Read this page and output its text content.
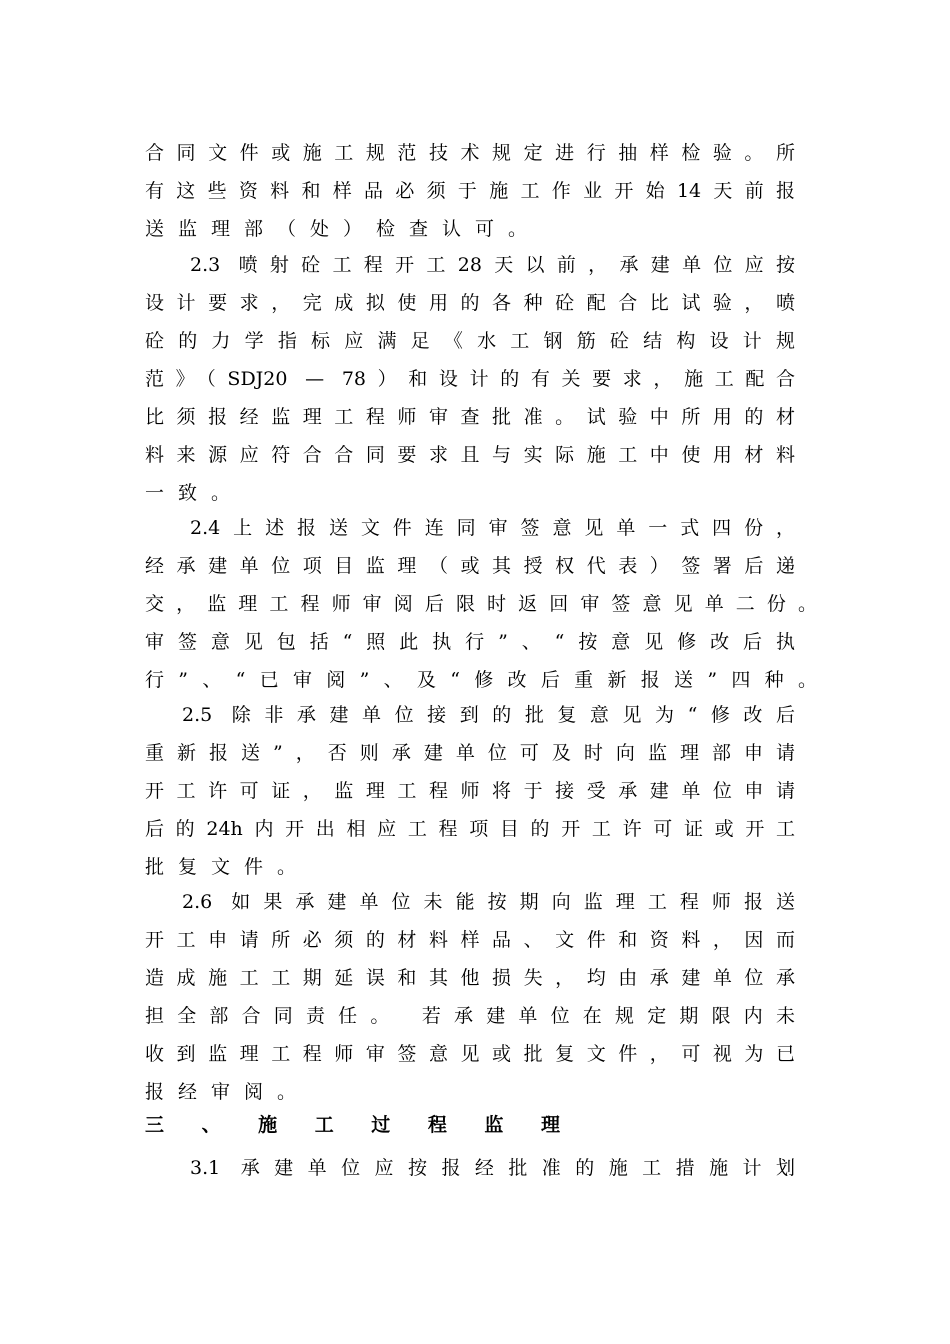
合同文件或施工规范技术规定进行抽样检验。所
有这些资料和样品必须于施工作业开始14天前报
送监理部（处）检查认可。
2.3 喷射砼工程开工28天以前，承建单位应按
设计要求，完成拟使用的各种砼配合比试验，喷
砼的力学指标应满足《水工钢筋砼结构设计规
范》（SDJ20 — 78）和设计的有关要求，施工配合
比须报经监理工程师审查批准。试验中所用的材
料来源应符合合同要求且与实际施工中使用材料
一致。
2.4上述报送文件连同审签意见单一式四份，
经承建单位项目监理（或其授权代表）签署后递
交，监理工程师审阅后限时返回审签意见单二份。
审签意见包括“照此执行”、“按意见修改后执
行”、“已审阅”、及“修改后重新报送”四种。
2.5 除非承建单位接到的批复意见为“修改后
重新报送”，否则承建单位可及时向监理部申请
开工许可证，监理工程师将于接受承建单位申请
后的24h内开出相应工程项目的开工许可证或开工
批复文件。
2.6 如果承建单位未能按期向监理工程师报送
开工申请所必须的材料样品、文件和资料，因而
造成施工工期延误和其他损失，均由承建单位承
担全部合同责任。 若承建单位在规定期限内未
收到监理工程师审签意见或批复文件，可视为已
报经审阅。
三、施工过程监理
3.1 承建单位应按报经批准的施工措施计划
